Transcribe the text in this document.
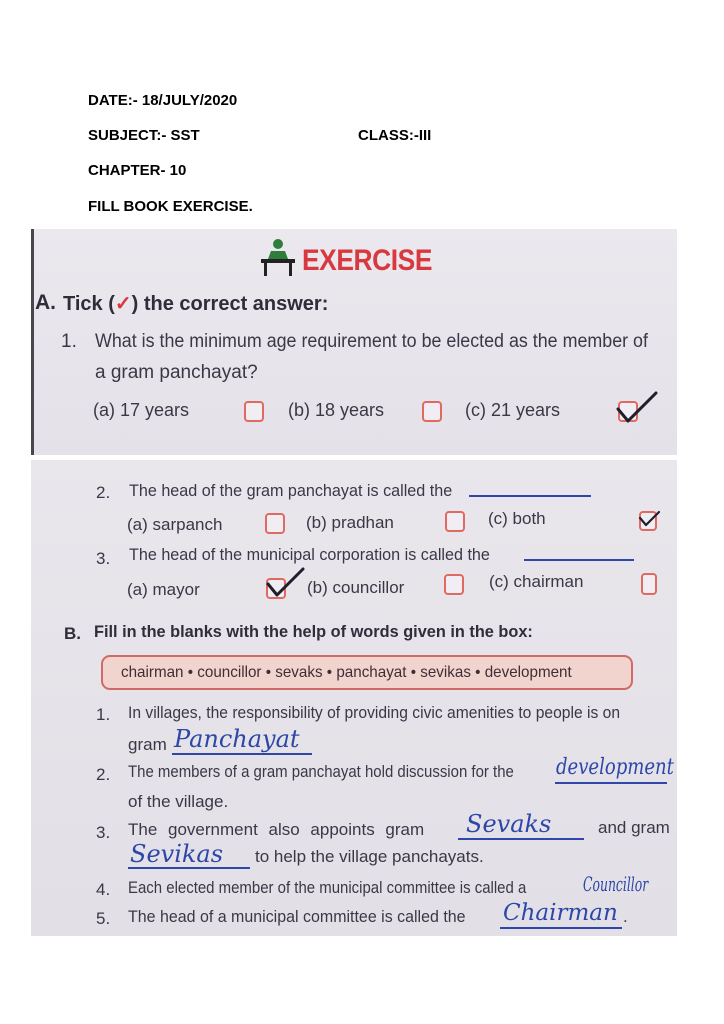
DATE:- 18/JULY/2020
SUBJECT:- SST	CLASS:-III
CHAPTER- 10
FILL BOOK EXERCISE.
EXERCISE
A. Tick (✓) the correct answer:
1. What is the minimum age requirement to be elected as the member of
a gram panchayat?
(a) 17 years	(b) 18 years	(c) 21 years
2. The head of the gram panchayat is called the
(a) sarpanch	(b) pradhan	(c) both
3. The head of the municipal corporation is called the
(a) mayor	(b) councillor	(c) chairman
B. Fill in the blanks with the help of words given in the box:
chairman • councillor • sevaks • panchayat • sevikas • development
1. In villages, the responsibility of providing civic amenities to people is on
gram Panchayat
2. The members of a gram panchayat hold discussion for the development
of the village.
3. The government also appoints gram Sevaks	and gram
Sevikas to help the village panchayats.
4. Each elected member of the municipal committee is called a	Councillor
5. The head of a municipal committee is called the Chairman .
